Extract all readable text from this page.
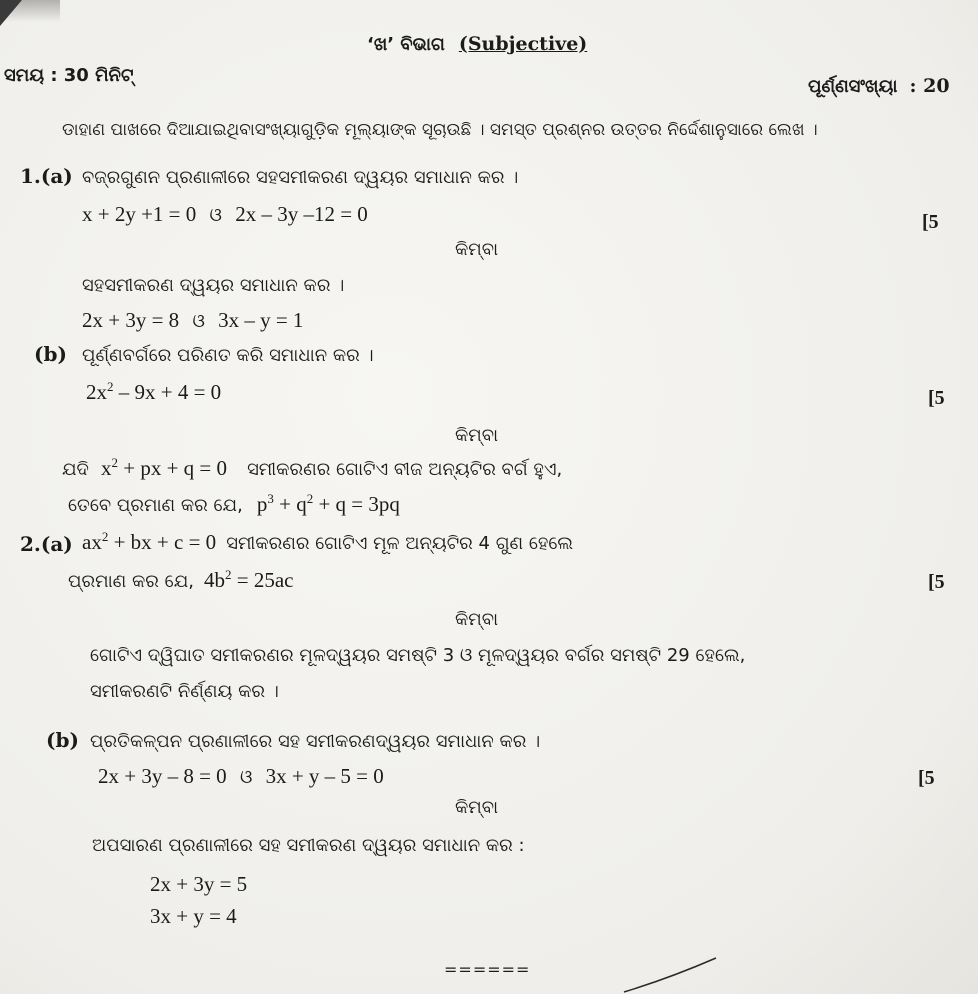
‘ଖ’ ବିଭାଗ (Subjective)
ସମୟ : 30 ମିନିଟ୍
ପୂର୍ଣ୍ଣସଂଖ୍ୟା : 20
ଡାହାଣ ପାଖରେ ଦିଆଯାଇଥିବାସଂଖ୍ୟାଗୁଡ଼ିକ ମୂଲ୍ୟାଙ୍କ ସୂଚାଉଛି । ସମସ୍ତ ପ୍ରଶ୍ନର ଉତ୍ତର ନିର୍ଦ୍ଦେଶାନୁସାରେ ଲେଖ ।
1.(a) ବଜ୍ରଗୁଣନ ପ୍ରଣାଳୀରେ ସହସମୀକରଣ ଦ୍ୱୟର ସମାଧାନ କର ।
x + 2y +1 = 0 ଓ 2x – 3y –12 = 0	[5
କିମ୍ବା
ସହସମୀକରଣ ଦ୍ୱୟର ସମାଧାନ କର ।
2x + 3y = 8 ଓ 3x – y = 1
(b) ପୂର୍ଣ୍ଣବର୍ଗରେ ପରିଣତ କରି ସମାଧାନ କର ।
$2x^2 - 9x + 4 = 0$	[5
କିମ୍ବା
ଯଦି $x^2$ + px + q = 0 ସମୀକରଣର ଗୋଟିଏ ବୀଜ ଅନ୍ୟଟିର ବର୍ଗ ହୁଏ,
ତେବେ ପ୍ରମାଣ କର ଯେ, $p^3 + q^2 + q = 3pq$
2.(a) $ax^2$ + bx + c = 0 ସମୀକରଣର ଗୋଟିଏ ମୂଳ ଅନ୍ୟଟିର 4 ଗୁଣ ହେଲେ
ପ୍ରମାଣ କର ଯେ, $4b^2 = 25ac$	[5
କିମ୍ବା
ଗୋଟିଏ ଦ୍ୱିଘାତ ସମୀକରଣର ମୂଳଦ୍ୱୟର ସମଷ୍ଟି 3 ଓ ମୂଳଦ୍ୱୟର ବର୍ଗର ସମଷ୍ଟି 29 ହେଲେ,
ସମୀକରଣଟି ନିର୍ଣ୍ଣୟ କର ।
(b) ପ୍ରତିକଳ୍ପନ ପ୍ରଣାଳୀରେ ସହ ସମୀକରଣଦ୍ୱୟର ସମାଧାନ କର ।
2x + 3y – 8 = 0 ଓ 3x + y – 5 = 0	[5
କିମ୍ବା
ଅପସାରଣ ପ୍ରଣାଳୀରେ ସହ ସମୀକରଣ ଦ୍ୱୟର ସମାଧାନ କର :
2x + 3y = 5
3x + y = 4
======
